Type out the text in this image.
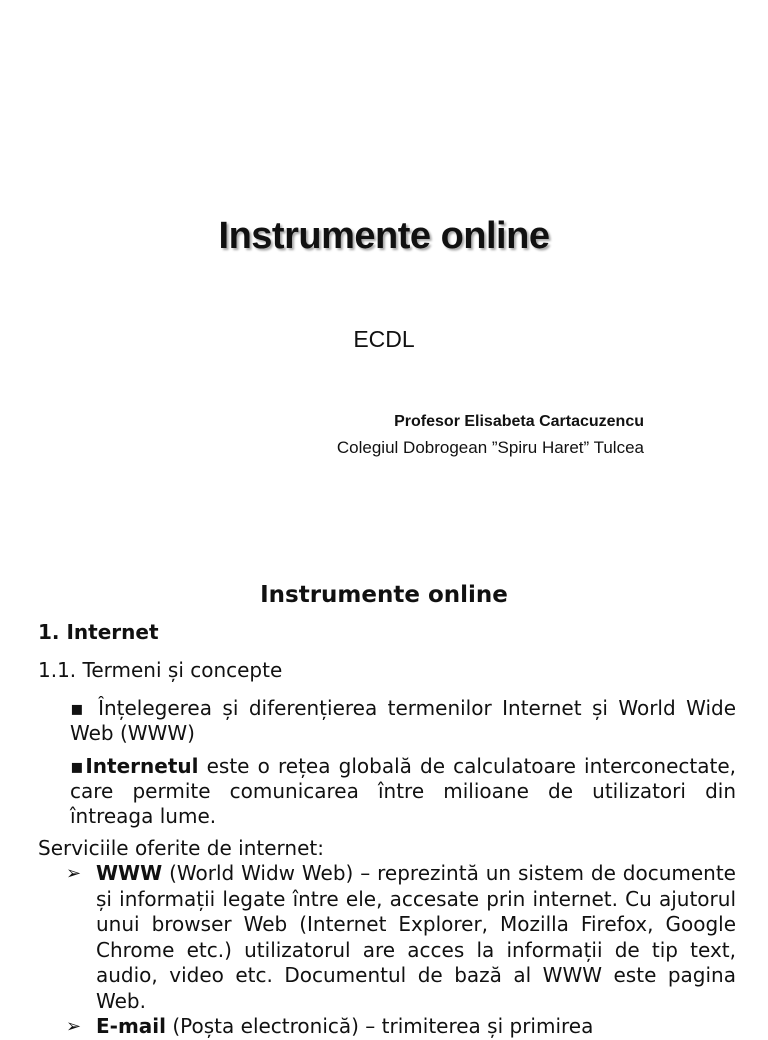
Instrumente online
ECDL
Profesor Elisabeta Cartacuzencu
Colegiul Dobrogean ”Spiru Haret” Tulcea
Instrumente online
1. Internet
1.1. Termeni și concepte
▪ Înțelegerea și diferențierea termenilor Internet și World Wide Web (WWW)
▪Internetul este o rețea globală de calculatoare interconectate, care permite comunicarea între milioane de utilizatori din întreaga lume.
Serviciile oferite de internet:
➢ WWW (World Widw Web) – reprezintă un sistem de documente și informații legate între ele, accesate prin internet. Cu ajutorul unui browser Web (Internet Explorer, Mozilla Firefox, Google Chrome etc.) utilizatorul are acces la informații de tip text, audio, video etc. Documentul de bază al WWW este pagina Web.
➢ E-mail (Poșta electronică) – trimiterea și primirea
